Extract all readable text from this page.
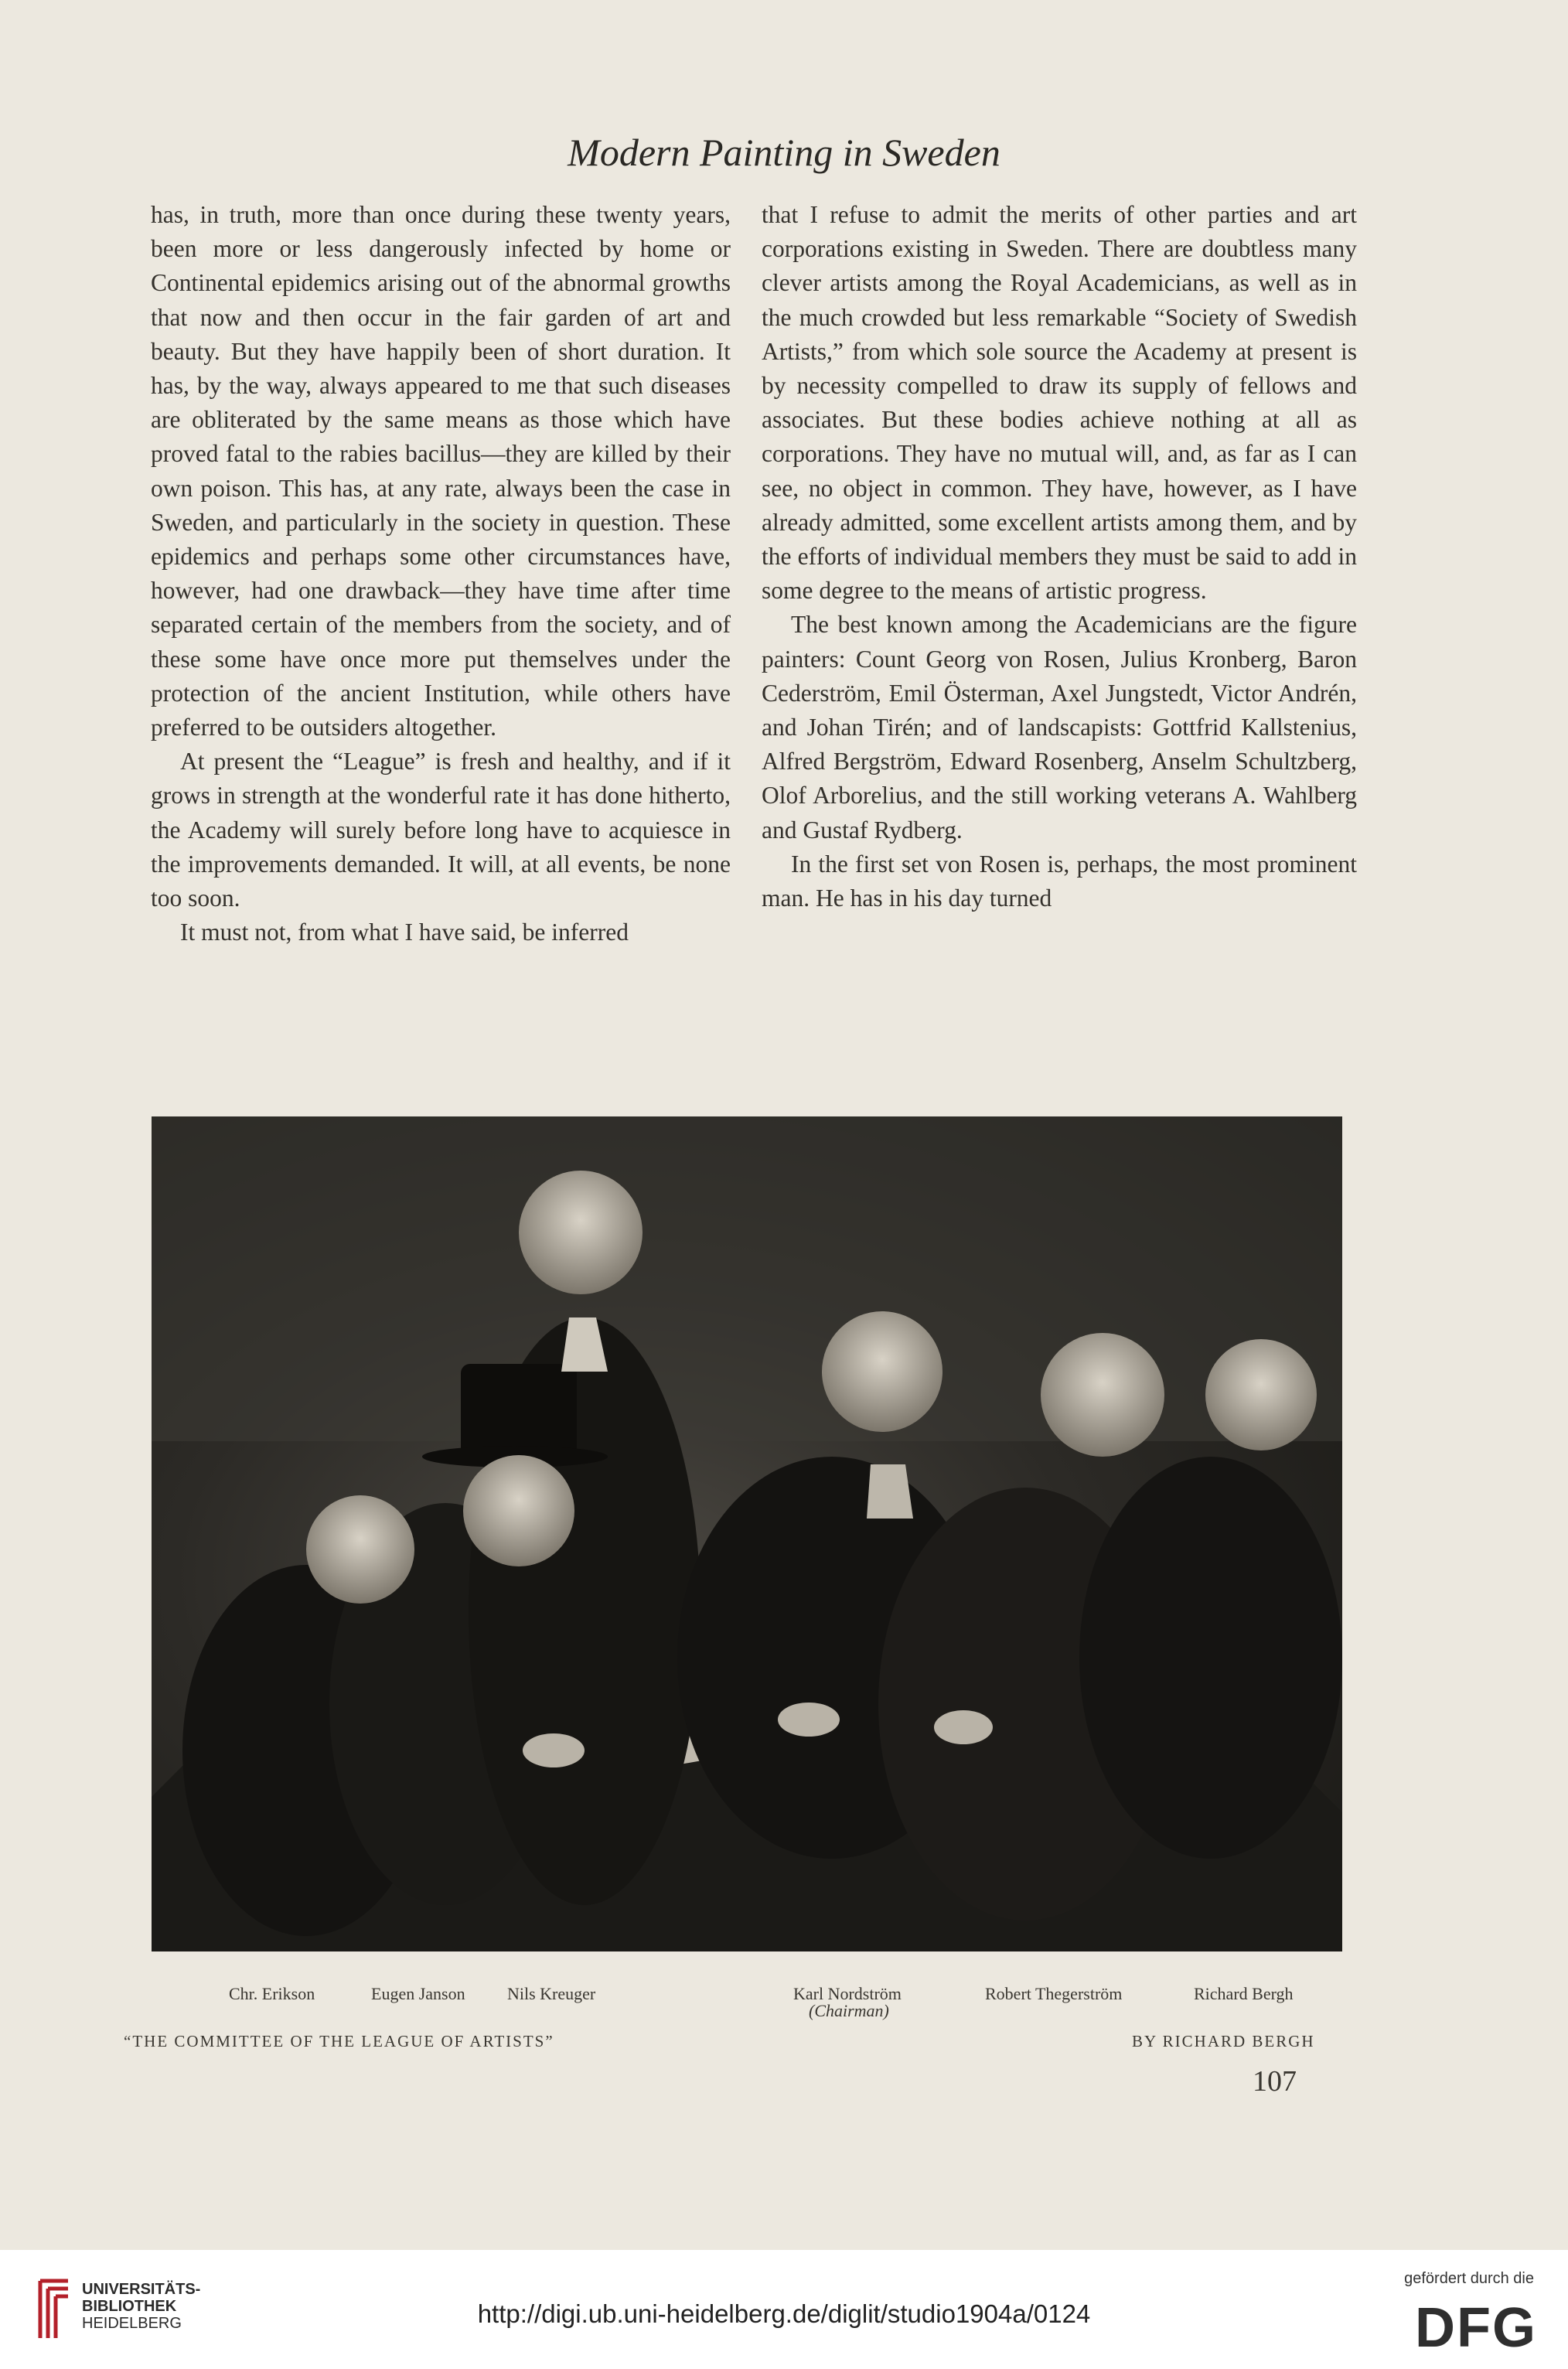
Modern Painting in Sweden

has, in truth, more than once during these twenty years, been more or less dangerously infected by home or Continental epidemics arising out of the abnormal growths that now and then occur in the fair garden of art and beauty. But they have happily been of short duration. It has, by the way, always appeared to me that such diseases are obliterated by the same means as those which have proved fatal to the rabies bacillus—they are killed by their own poison. This has, at any rate, always been the case in Sweden, and particularly in the society in question. These epidemics and perhaps some other circumstances have, however, had one drawback—they have time after time separated certain of the members from the society, and of these some have once more put themselves under the protection of the ancient Institution, while others have preferred to be outsiders altogether.

At present the “League” is fresh and healthy, and if it grows in strength at the wonderful rate it has done hitherto, the Academy will surely before long have to acquiesce in the improvements demanded. It will, at all events, be none too soon.

It must not, from what I have said, be inferred

that I refuse to admit the merits of other parties and art corporations existing in Sweden. There are doubtless many clever artists among the Royal Academicians, as well as in the much crowded but less remarkable “Society of Swedish Artists,” from which sole source the Academy at present is by necessity compelled to draw its supply of fellows and associates. But these bodies achieve nothing at all as corporations. They have no mutual will, and, as far as I can see, no object in common. They have, however, as I have already admitted, some excellent artists among them, and by the efforts of individual members they must be said to add in some degree to the means of artistic progress.

The best known among the Academicians are the figure painters: Count Georg von Rosen, Julius Kronberg, Baron Cederström, Emil Österman, Axel Jungstedt, Victor Andrén, and Johan Tirén; and of landscapists: Gottfrid Kallstenius, Alfred Bergström, Edward Rosenberg, Anselm Schultzberg, Olof Arborelius, and the still working veterans A. Wahlberg and Gustaf Rydberg.

In the first set von Rosen is, perhaps, the most prominent man. He has in his day turned

Chr. Erikson	Eugen Janson Nils Kreuger	Karl Nordström
(Chairman)
Robert Thegerström	Richard Bergh
“THE COMMITTEE OF THE LEAGUE OF ARTISTS”	BY RICHARD BERGH
107
UNIVERSITÄTS-
BIBLIOTHEK
HEIDELBERG	http://digi.ub.uni-heidelberg.de/diglit/studio1904a/0124
gefördert durch die
DFG
